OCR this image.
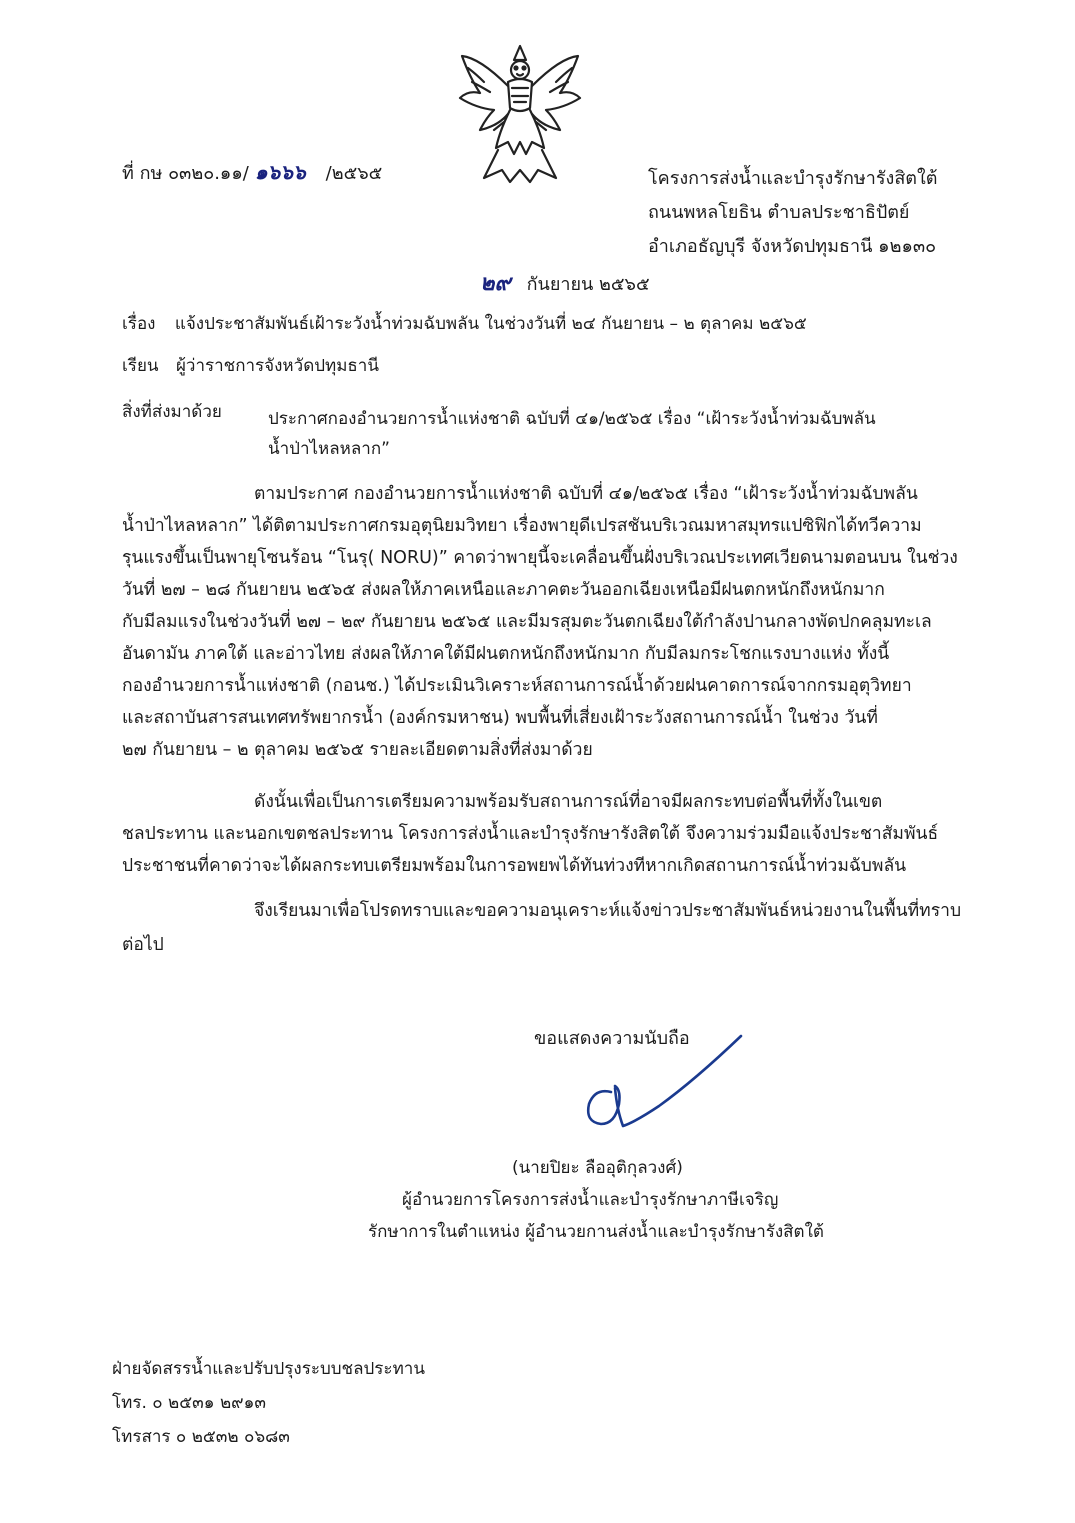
ที่ กษ ๐๓๒๐.๑๑/ ๑๖๖๖ /๒๕๖๕	โครงการส่งน้ำและบำรุงรักษารังสิตใต้
ถนนพหลโยธิน ตำบลประชาธิปัตย์
อำเภอธัญบุรี จังหวัดปทุมธานี ๑๒๑๓๐
๒๙ กันยายน ๒๕๖๕
เรื่อง แจ้งประชาสัมพันธ์เฝ้าระวังน้ำท่วมฉับพลัน ในช่วงวันที่ ๒๔ กันยายน – ๒ ตุลาคม ๒๕๖๕
เรียน ผู้ว่าราชการจังหวัดปทุมธานี
สิ่งที่ส่งมาด้วย	ประกาศกองอำนวยการน้ำแห่งชาติ ฉบับที่ ๔๑/๒๕๖๕ เรื่อง “เฝ้าระวังน้ำท่วมฉับพลัน
น้ำป่าไหลหลาก”
ตามประกาศ กองอำนวยการน้ำแห่งชาติ ฉบับที่ ๔๑/๒๕๖๕ เรื่อง “เฝ้าระวังน้ำท่วมฉับพลัน
น้ำป่าไหลหลาก” ได้ติตามประกาศกรมอุตุนิยมวิทยา เรื่องพายุดีเปรสชันบริเวณมหาสมุทรแปซิฟิกได้ทวีความ
รุนแรงขึ้นเป็นพายุโซนร้อน “โนรุ( NORU)” คาดว่าพายุนี้จะเคลื่อนขึ้นฝั่งบริเวณประเทศเวียดนามตอนบน ในช่วง
วันที่ ๒๗ – ๒๘ กันยายน ๒๕๖๕ ส่งผลให้ภาคเหนือและภาคตะวันออกเฉียงเหนือมีฝนตกหนักถึงหนักมาก
กับมีลมแรงในช่วงวันที่ ๒๗ – ๒๙ กันยายน ๒๕๖๕ และมีมรสุมตะวันตกเฉียงใต้กำลังปานกลางพัดปกคลุมทะเล
อันดามัน ภาคใต้ และอ่าวไทย ส่งผลให้ภาคใต้มีฝนตกหนักถึงหนักมาก กับมีลมกระโชกแรงบางแห่ง ทั้งนี้
กองอำนวยการน้ำแห่งชาติ (กอนช.) ได้ประเมินวิเคราะห์สถานการณ์น้ำด้วยฝนคาดการณ์จากกรมอุตุวิทยา
และสถาบันสารสนเทศทรัพยากรน้ำ (องค์กรมหาชน) พบพื้นที่เสี่ยงเฝ้าระวังสถานการณ์น้ำ ในช่วง วันที่
๒๗ กันยายน – ๒ ตุลาคม ๒๕๖๕ รายละเอียดตามสิ่งที่ส่งมาด้วย
ดังนั้นเพื่อเป็นการเตรียมความพร้อมรับสถานการณ์ที่อาจมีผลกระทบต่อพื้นที่ทั้งในเขต
ชลประทาน และนอกเขตชลประทาน โครงการส่งน้ำและบำรุงรักษารังสิตใต้ จึงความร่วมมือแจ้งประชาสัมพันธ์
ประชาชนที่คาดว่าจะได้ผลกระทบเตรียมพร้อมในการอพยพได้ทันท่วงทีหากเกิดสถานการณ์น้ำท่วมฉับพลัน
จึงเรียนมาเพื่อโปรดทราบและขอความอนุเคราะห์แจ้งข่าวประชาสัมพันธ์หน่วยงานในพื้นที่ทราบ
ต่อไป
ขอแสดงความนับถือ
(นายปิยะ ลืออุติกุลวงศ์)
ผู้อำนวยการโครงการส่งน้ำและบำรุงรักษาภาษีเจริญ
รักษาการในตำแหน่ง ผู้อำนวยกานส่งน้ำและบำรุงรักษารังสิตใต้
ฝ่ายจัดสรรน้ำและปรับปรุงระบบชลประทาน
โทร. ๐ ๒๕๓๑ ๒๙๑๓
โทรสาร ๐ ๒๕๓๒ ๐๖๘๓
